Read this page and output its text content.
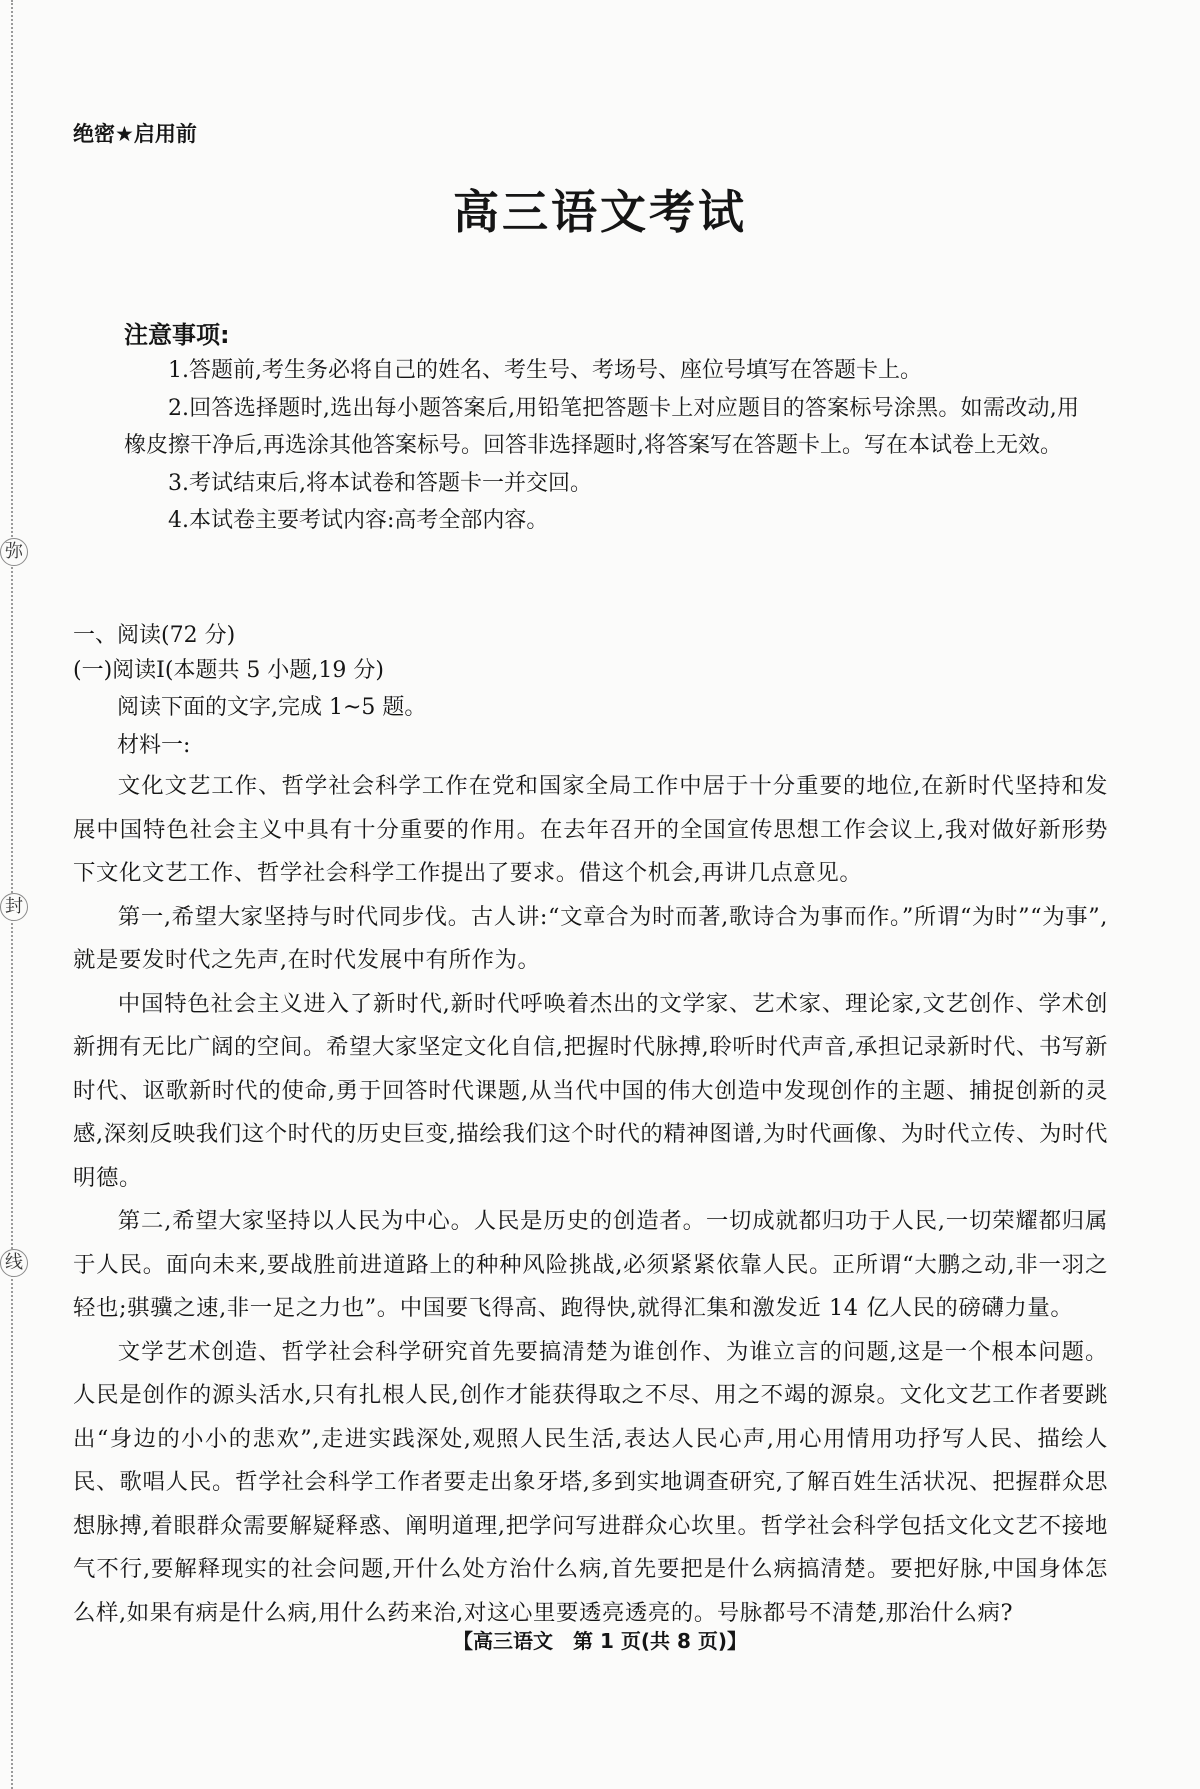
弥
封
线
绝密★启用前
高三语文考试
注意事项:
1.答题前,考生务必将自己的姓名、考生号、考场号、座位号填写在答题卡上。
2.回答选择题时,选出每小题答案后,用铅笔把答题卡上对应题目的答案标号涂黑。如需改动,用橡皮擦干净后,再选涂其他答案标号。回答非选择题时,将答案写在答题卡上。写在本试卷上无效。
3.考试结束后,将本试卷和答题卡一并交回。
4.本试卷主要考试内容:高考全部内容。
一、阅读(72 分)
(一)阅读Ⅰ(本题共 5 小题,19 分)
阅读下面的文字,完成 1~5 题。
材料一:

文化文艺工作、哲学社会科学工作在党和国家全局工作中居于十分重要的地位,在新时代坚持和发展中国特色社会主义中具有十分重要的作用。在去年召开的全国宣传思想工作会议上,我对做好新形势下文化文艺工作、哲学社会科学工作提出了要求。借这个机会,再讲几点意见。

第一,希望大家坚持与时代同步伐。古人讲:“文章合为时而著,歌诗合为事而作。”所谓“为时”“为事”,就是要发时代之先声,在时代发展中有所作为。

中国特色社会主义进入了新时代,新时代呼唤着杰出的文学家、艺术家、理论家,文艺创作、学术创新拥有无比广阔的空间。希望大家坚定文化自信,把握时代脉搏,聆听时代声音,承担记录新时代、书写新时代、讴歌新时代的使命,勇于回答时代课题,从当代中国的伟大创造中发现创作的主题、捕捉创新的灵感,深刻反映我们这个时代的历史巨变,描绘我们这个时代的精神图谱,为时代画像、为时代立传、为时代明德。

第二,希望大家坚持以人民为中心。人民是历史的创造者。一切成就都归功于人民,一切荣耀都归属于人民。面向未来,要战胜前进道路上的种种风险挑战,必须紧紧依靠人民。正所谓“大鹏之动,非一羽之轻也;骐骥之速,非一足之力也”。中国要飞得高、跑得快,就得汇集和激发近 14 亿人民的磅礴力量。

文学艺术创造、哲学社会科学研究首先要搞清楚为谁创作、为谁立言的问题,这是一个根本问题。人民是创作的源头活水,只有扎根人民,创作才能获得取之不尽、用之不竭的源泉。文化文艺工作者要跳出“身边的小小的悲欢”,走进实践深处,观照人民生活,表达人民心声,用心用情用功抒写人民、描绘人民、歌唱人民。哲学社会科学工作者要走出象牙塔,多到实地调查研究,了解百姓生活状况、把握群众思想脉搏,着眼群众需要解疑释惑、阐明道理,把学问写进群众心坎里。哲学社会科学包括文化文艺不接地气不行,要解释现实的社会问题,开什么处方治什么病,首先要把是什么病搞清楚。要把好脉,中国身体怎么样,如果有病是什么病,用什么药来治,对这心里要透亮透亮的。号脉都号不清楚,那治什么病?

【高三语文　第 1 页(共 8 页)】
